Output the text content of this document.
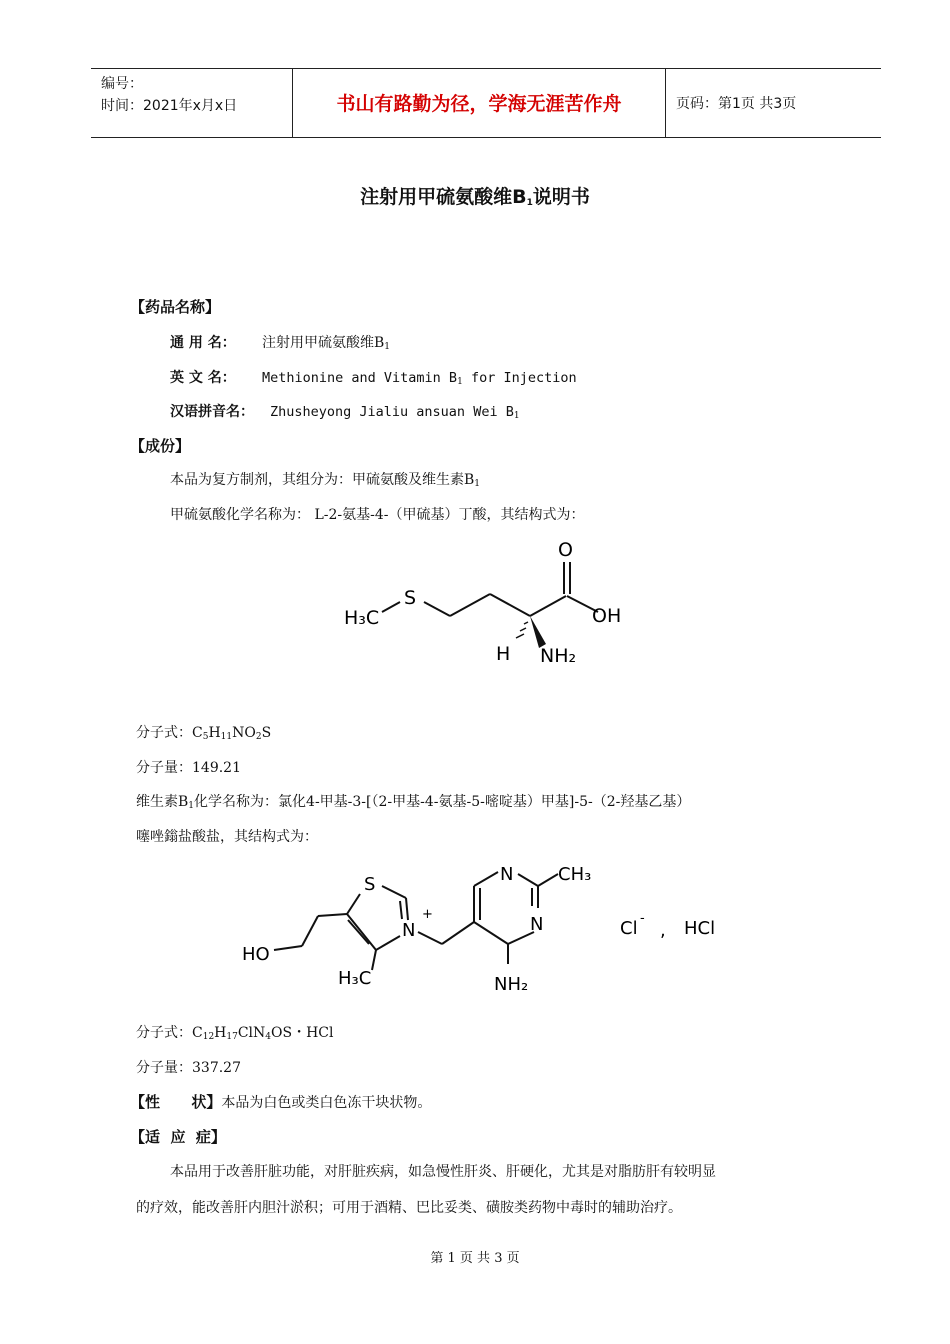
编号：
时间：2021年x月x日	书山有路勤为径，学海无涯苦作舟	页码：第1页 共3页
注射用甲硫氨酸维$B_1$说明书
【药品名称】
通 用 名： 注射用甲硫氨酸维$B_1$
英 文 名： Methionine and Vitamin $B_1$ for Injection
汉语拼音名： Zhusheyong Jialiu ansuan Wei $B_1$
【成份】
本品为复方制剂，其组分为：甲硫氨酸及维生素$B_1$
甲硫氨酸化学名称为： L-2-氨基-4-（甲硫基）丁酸，其结构式为：
H₃C
S
O
OH
H NH₂
分子式：$C_5H_{11}NO_2S$
分子量：149.21
维生素$B_1$化学名称为：氯化4-甲基-3-[（2-甲基-4-氨基-5-嘧啶基）甲基]-5-（2-羟基乙基）
噻唑鎓盐酸盐，其结构式为：
S
N
+
N
N
CH₃
HO
H₃C	NH₂
Cl -
, HCl
分子式：$C_{12}H_{17}ClN_4OS$・HCl
分子量：337.27
【性      状】本品为白色或类白色冻干块状物。
【适  应  症】
本品用于改善肝脏功能，对肝脏疾病，如急慢性肝炎、肝硬化，尤其是对脂肪肝有较明显
的疗效，能改善肝内胆汁淤积；可用于酒精、巴比妥类、磺胺类药物中毒时的辅助治疗。
第 1 页 共 3 页
